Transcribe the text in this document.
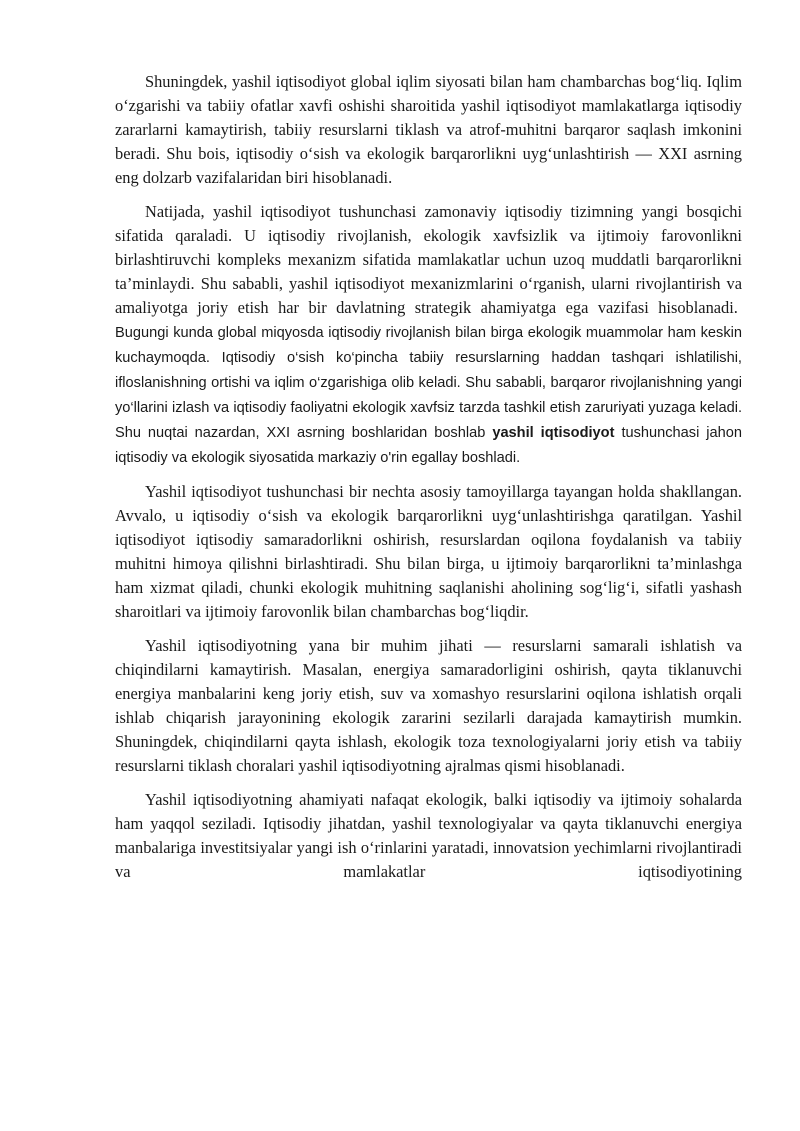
Shuningdek, yashil iqtisodiyot global iqlim siyosati bilan ham chambarchas bog‘liq. Iqlim o‘zgarishi va tabiiy ofatlar xavfi oshishi sharoitida yashil iqtisodiyot mamlakatlarga iqtisodiy zararlarni kamaytirish, tabiiy resurslarni tiklash va atrof-muhitni barqaror saqlash imkonini beradi. Shu bois, iqtisodiy o‘sish va ekologik barqarorlikni uyg‘unlashtirish — XXI asrning eng dolzarb vazifalaridan biri hisoblanadi.

Natijada, yashil iqtisodiyot tushunchasi zamonaviy iqtisodiy tizimning yangi bosqichi sifatida qaraladi. U iqtisodiy rivojlanish, ekologik xavfsizlik va ijtimoiy farovonlikni birlashtiruvchi kompleks mexanizm sifatida mamlakatlar uchun uzoq muddatli barqarorlikni ta’minlaydi. Shu sababli, yashil iqtisodiyot mexanizmlarini o‘rganish, ularni rivojlantirish va amaliyotga joriy etish har bir davlatning strategik ahamiyatga ega vazifasi hisoblanadi.  Bugungi kunda global miqyosda iqtisodiy rivojlanish bilan birga ekologik muammolar ham keskin kuchaymoqda. Iqtisodiy o‘sish ko‘pincha tabiiy resurslarning haddan tashqari ishlatilishi, ifloslanishning ortishi va iqlim o‘zgarishiga olib keladi. Shu sababli, barqaror rivojlanishning yangi yo‘llarini izlash va iqtisodiy faoliyatni ekologik xavfsiz tarzda tashkil etish zaruriyati yuzaga keladi. Shu nuqtai nazardan, XXI asrning boshlaridan boshlab yashil iqtisodiyot tushunchasi jahon iqtisodiy va ekologik siyosatida markaziy o'rin egallay boshladi.

Yashil iqtisodiyot tushunchasi bir nechta asosiy tamoyillarga tayangan holda shakllangan. Avvalo, u iqtisodiy o‘sish va ekologik barqarorlikni uyg‘unlashtirishga qaratilgan. Yashil iqtisodiyot iqtisodiy samaradorlikni oshirish, resurslardan oqilona foydalanish va tabiiy muhitni himoya qilishni birlashtiradi. Shu bilan birga, u ijtimoiy barqarorlikni ta’minlashga ham xizmat qiladi, chunki ekologik muhitning saqlanishi aholining sog‘lig‘i, sifatli yashash sharoitlari va ijtimoiy farovonlik bilan chambarchas bog‘liqdir.

Yashil iqtisodiyotning yana bir muhim jihati — resurslarni samarali ishlatish va chiqindilarni kamaytirish. Masalan, energiya samaradorligini oshirish, qayta tiklanuvchi energiya manbalarini keng joriy etish, suv va xomashyo resurslarini oqilona ishlatish orqali ishlab chiqarish jarayonining ekologik zararini sezilarli darajada kamaytirish mumkin. Shuningdek, chiqindilarni qayta ishlash, ekologik toza texnologiyalarni joriy etish va tabiiy resurslarni tiklash choralari yashil iqtisodiyotning ajralmas qismi hisoblanadi.

Yashil iqtisodiyotning ahamiyati nafaqat ekologik, balki iqtisodiy va ijtimoiy sohalarda ham yaqqol seziladi. Iqtisodiy jihatdan, yashil texnologiyalar va qayta tiklanuvchi energiya manbalariga investitsiyalar yangi ish o‘rinlarini yaratadi, innovatsion yechimlarni rivojlantiradi va mamlakatlar iqtisodiyotining
